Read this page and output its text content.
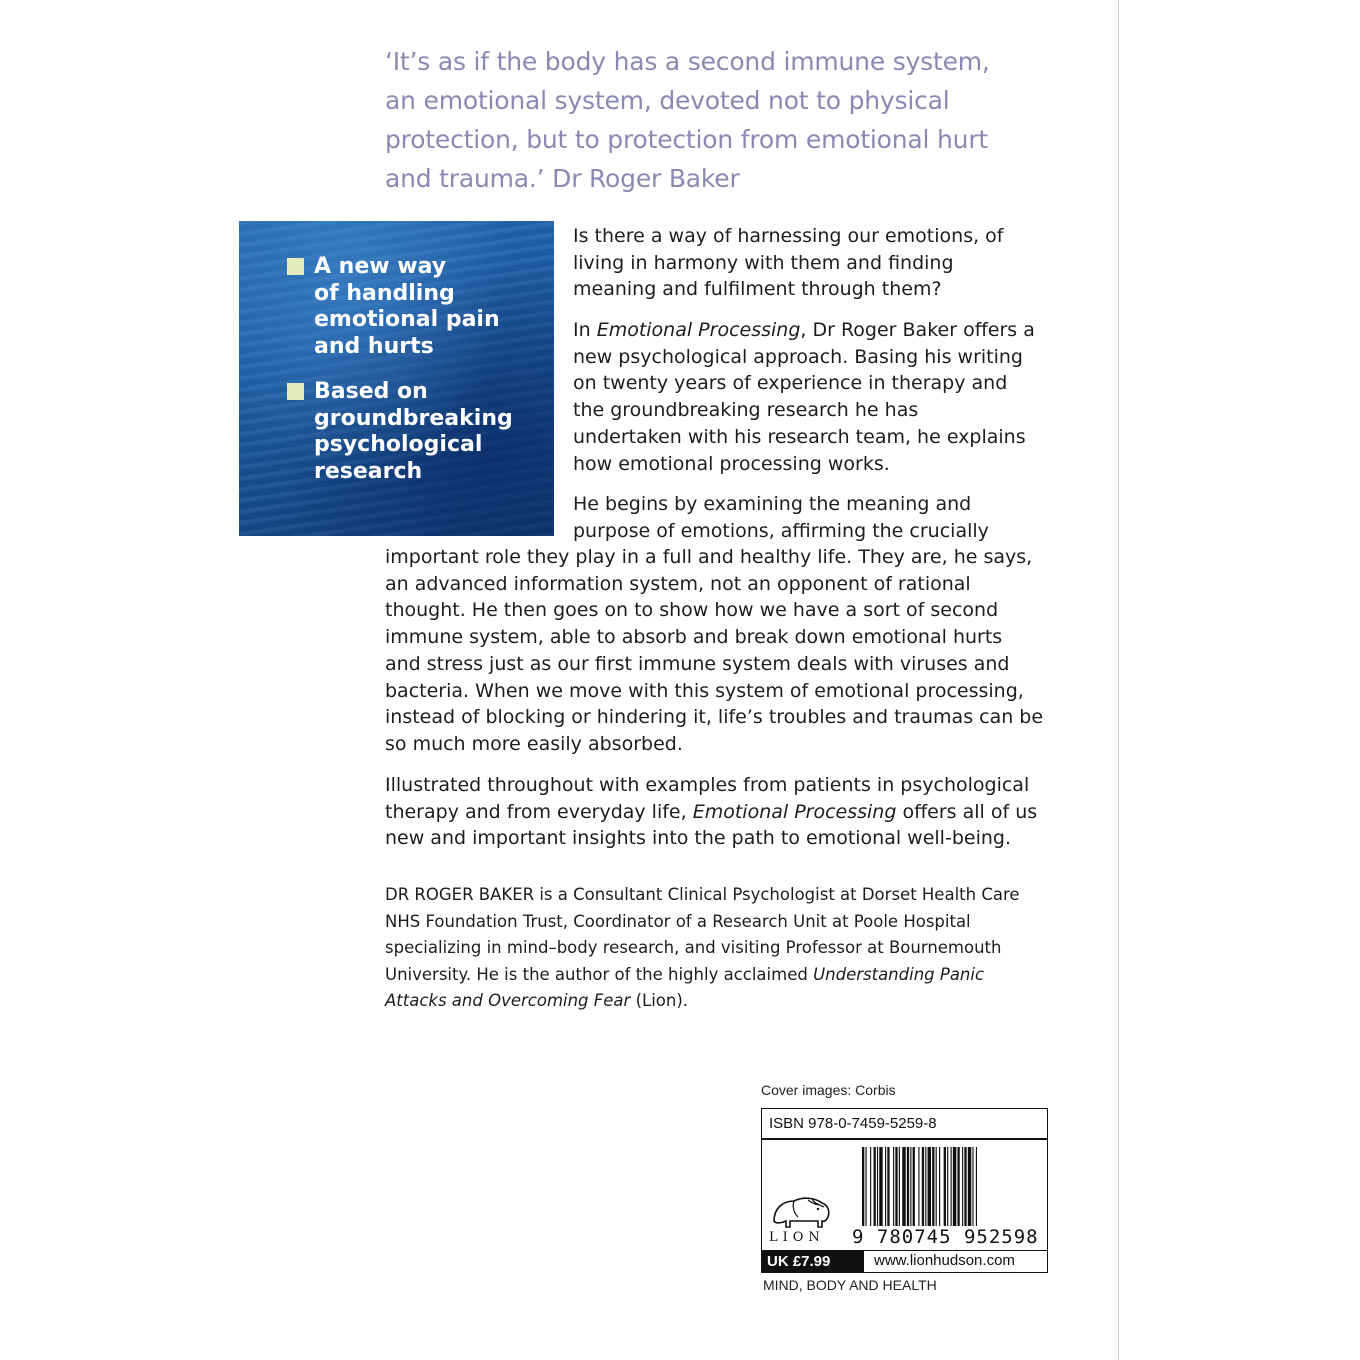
‘It’s as if the body has a second immune system,
an emotional system, devoted not to physical
protection, but to protection from emotional hurt
and trauma.’ Dr Roger Baker
A new way
of handling
emotional pain
and hurts
Based on
groundbreaking
psychological
research
Is there a way of harnessing our emotions, of
living in harmony with them and finding
meaning and fulfilment through them?
In Emotional Processing, Dr Roger Baker offers a
new psychological approach. Basing his writing
on twenty years of experience in therapy and
the groundbreaking research he has
undertaken with his research team, he explains
how emotional processing works.
He begins by examining the meaning and
purpose of emotions, affirming the crucially
important role they play in a full and healthy life. They are, he says,
an advanced information system, not an opponent of rational
thought. He then goes on to show how we have a sort of second
immune system, able to absorb and break down emotional hurts
and stress just as our first immune system deals with viruses and
bacteria. When we move with this system of emotional processing,
instead of blocking or hindering it, life’s troubles and traumas can be
so much more easily absorbed.
Illustrated throughout with examples from patients in psychological
therapy and from everyday life, Emotional Processing offers all of us
new and important insights into the path to emotional well-being.
DR ROGER BAKER is a Consultant Clinical Psychologist at Dorset Health Care
NHS Foundation Trust, Coordinator of a Research Unit at Poole Hospital
specializing in mind–body research, and visiting Professor at Bournemouth
University. He is the author of the highly acclaimed Understanding Panic
Attacks and Overcoming Fear (Lion).
Cover images: Corbis
ISBN 978-0-7459-5259-8
LION 9 780745 952598
UK £7.99	www.lionhudson.com
MIND, BODY AND HEALTH
